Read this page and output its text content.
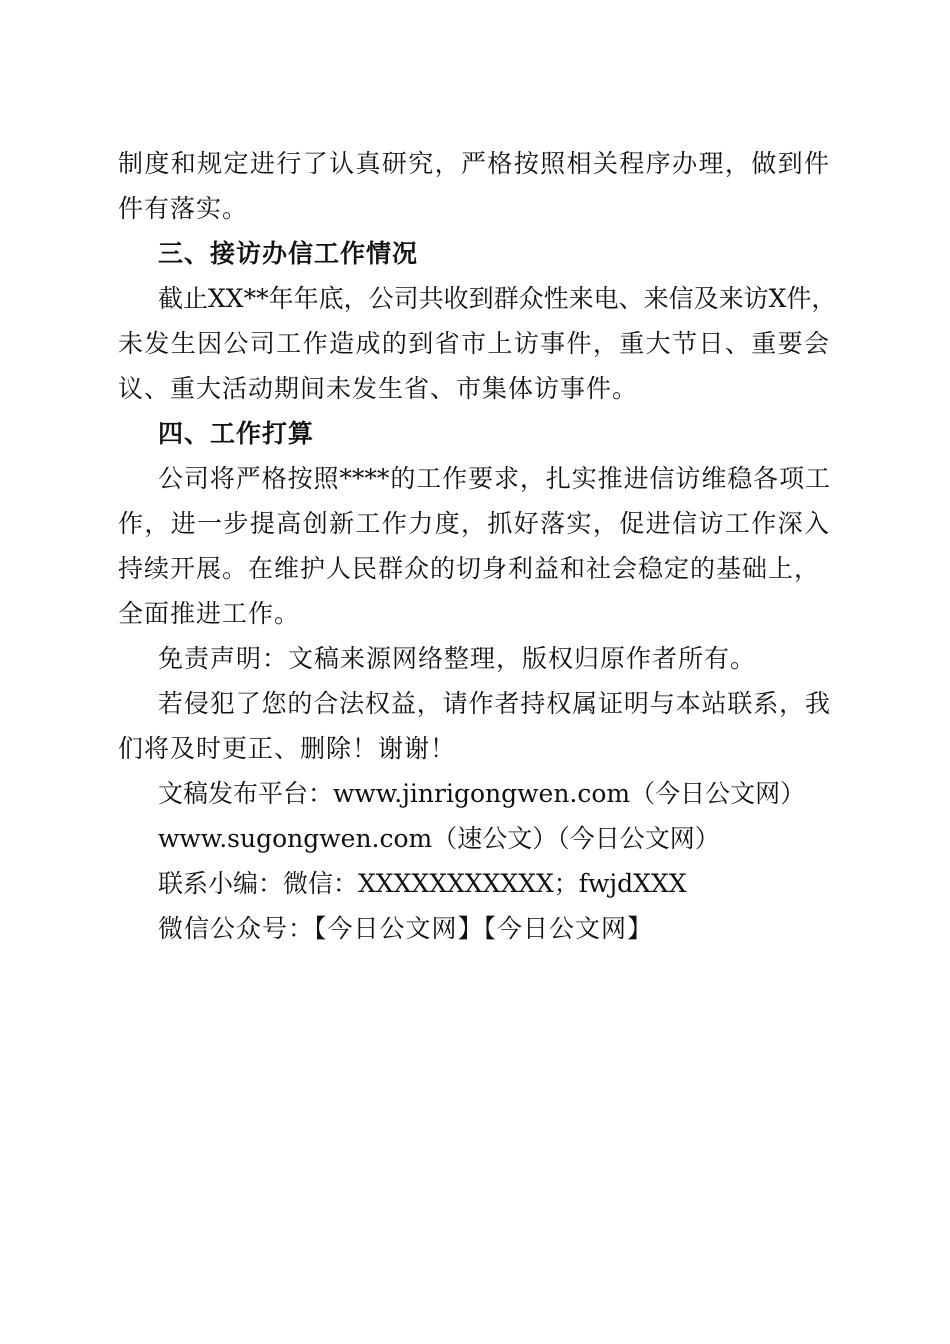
制度和规定进行了认真研究，严格按照相关程序办理，做到件
件有落实。
三、接访办信工作情况
截止XX**年年底，公司共收到群众性来电、来信及来访X件，
未发生因公司工作造成的到省市上访事件，重大节日、重要会
议、重大活动期间未发生省、市集体访事件。
四、工作打算
公司将严格按照****的工作要求，扎实推进信访维稳各项工
作，进一步提高创新工作力度，抓好落实，促进信访工作深入
持续开展。在维护人民群众的切身利益和社会稳定的基础上，
全面推进工作。
免责声明：文稿来源网络整理，版权归原作者所有。
若侵犯了您的合法权益，请作者持权属证明与本站联系，我
们将及时更正、删除！谢谢！
文稿发布平台：www.jinrigongwen.com（今日公文网）
www.sugongwen.com（速公文）（今日公文网）
联系小编：微信：XXXXXXXXXXX；fwjdXXX
微信公众号：【今日公文网】【今日公文网】
